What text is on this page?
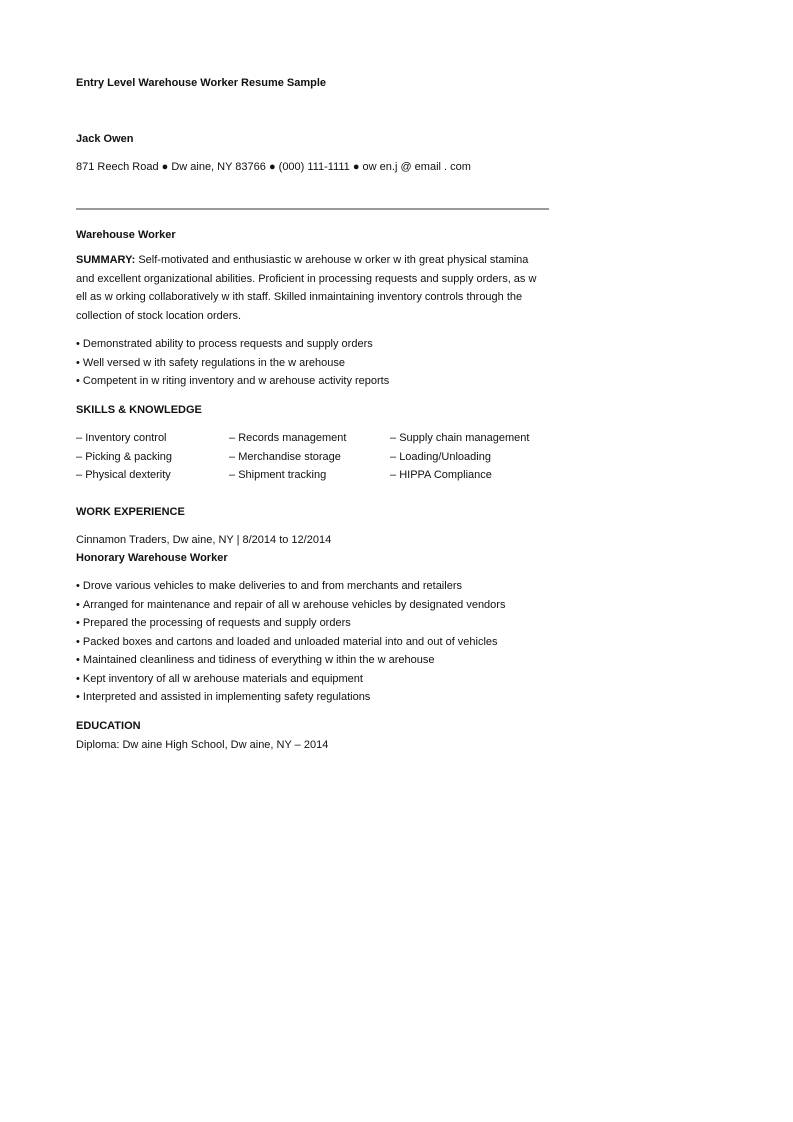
Entry Level Warehouse Worker Resume Sample
Jack Owen
871 Reech Road ● Dw aine, NY 83766 ● (000) 111-1111 ● ow en.j @ email . com
Warehouse Worker
SUMMARY: Self-motivated and enthusiastic w arehouse w orker w ith great physical stamina and excellent organizational abilities. Proficient in processing requests and supply orders, as w ell as w orking collaboratively w ith staff. Skilled inmaintaining inventory controls through the collection of stock location orders.
• Demonstrated ability to process requests and supply orders
• Well versed w ith safety regulations in the w arehouse
• Competent in w riting inventory and w arehouse activity reports
SKILLS & KNOWLEDGE
– Inventory control	– Records management	– Supply chain management
– Picking & packing	– Merchandise storage	– Loading/Unloading
– Physical dexterity	– Shipment tracking	– HIPPA Compliance
WORK EXPERIENCE
Cinnamon Traders, Dw aine, NY | 8/2014 to 12/2014
Honorary Warehouse Worker
• Drove various vehicles to make deliveries to and from merchants and retailers
• Arranged for maintenance and repair of all w arehouse vehicles by designated vendors
• Prepared the processing of requests and supply orders
• Packed boxes and cartons and loaded and unloaded material into and out of vehicles
• Maintained cleanliness and tidiness of everything w ithin the w arehouse
• Kept inventory of all w arehouse materials and equipment
• Interpreted and assisted in implementing safety regulations
EDUCATION
Diploma: Dw aine High School, Dw aine, NY – 2014
